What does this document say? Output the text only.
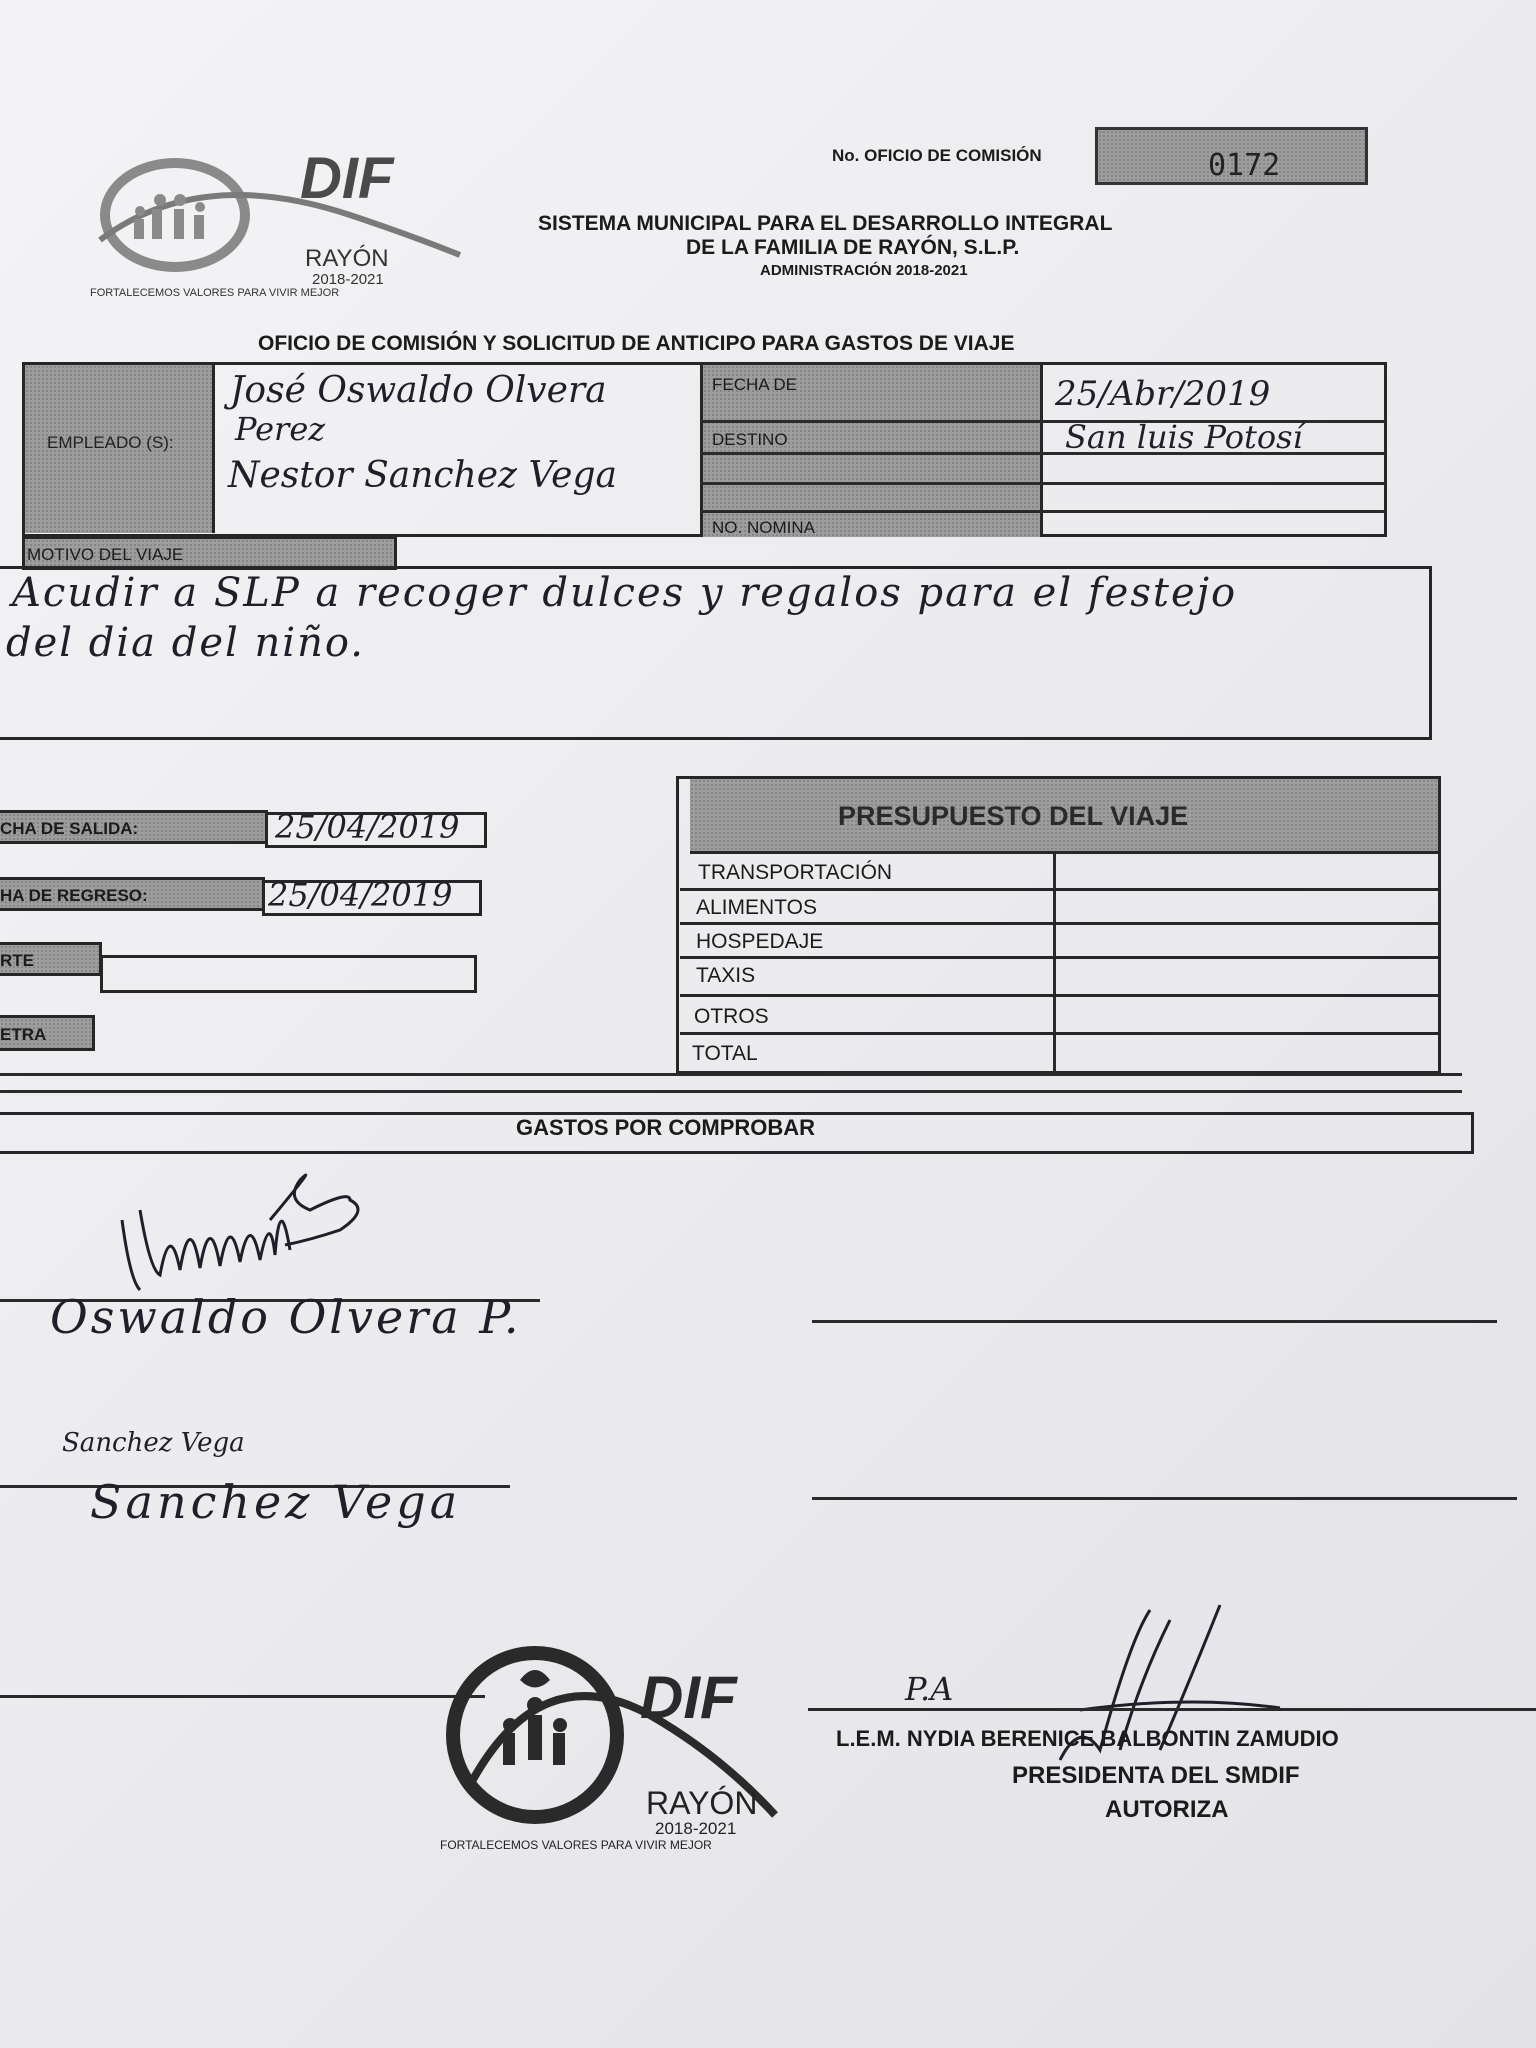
DIF
RAYÓN
2018-2021
FORTALECEMOS VALORES PARA VIVIR MEJOR
No. OFICIO DE COMISIÓN	0172
SISTEMA MUNICIPAL PARA EL DESARROLLO INTEGRAL
DE LA FAMILIA DE RAYÓN, S.L.P.
ADMINISTRACIÓN 2018-2021
OFICIO DE COMISIÓN Y SOLICITUD DE ANTICIPO PARA GASTOS DE VIAJE
EMPLEADO (S):
José Oswaldo Olvera
Perez
Nestor Sanchez Vega
FECHA DE	25/Abr/2019
DESTINO	San luis Potosí
NO. NOMINA
MOTIVO DEL VIAJE
Acudir a SLP a recoger dulces y regalos para el festejo
del dia del niño.
CHA DE SALIDA:	25/04/2019
HA DE REGRESO:	25/04/2019
RTE
ETRA
PRESUPUESTO DEL VIAJE
TRANSPORTACIÓN
ALIMENTOS
HOSPEDAJE
TAXIS
OTROS
TOTAL
GASTOS POR COMPROBAR
Oswaldo Olvera P.
Sanchez Vega
Sanchez Vega
DIF
RAYÓN
2018-2021
FORTALECEMOS VALORES PARA VIVIR MEJOR
P.A
L.E.M. NYDIA BERENICE BALBONTIN ZAMUDIO
PRESIDENTA DEL SMDIF
AUTORIZA
